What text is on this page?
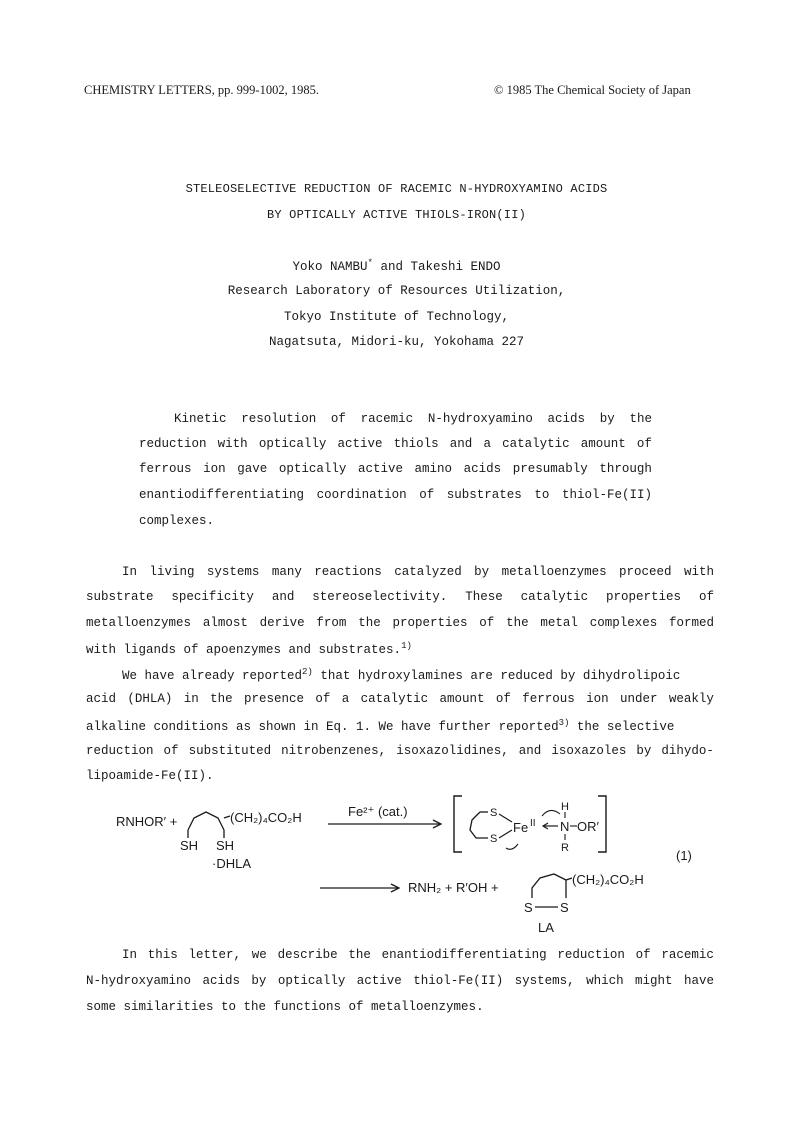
CHEMISTRY LETTERS, pp. 999-1002, 1985.	© 1985 The Chemical Society of Japan
STELEOSELECTIVE REDUCTION OF RACEMIC N-HYDROXYAMINO ACIDS
BY OPTICALLY ACTIVE THIOLS-IRON(II)
Yoko NAMBU* and Takeshi ENDO
Research Laboratory of Resources Utilization,
Tokyo Institute of Technology,
Nagatsuta, Midori-ku, Yokohama 227
Kinetic resolution of racemic N-hydroxyamino acids by the
reduction with optically active thiols and a catalytic amount of
ferrous ion gave optically active amino acids presumably through
enantiodifferentiating coordination of substrates to thiol-Fe(II)
complexes.
In living systems many reactions catalyzed by metalloenzymes proceed with
substrate specificity and stereoselectivity. These catalytic properties of
metalloenzymes almost derive from the properties of the metal complexes formed
with ligands of apoenzymes and substrates.$^{1)}$
We have already reported$^{2)}$ that hydroxylamines are reduced by dihydrolipoic
acid (DHLA) in the presence of a catalytic amount of ferrous ion under weakly
alkaline conditions as shown in Eq. 1. We have further reported$^{3)}$ the selective
reduction of substituted nitrobenzenes, isoxazolidines, and isoxazoles by dihydo-
lipoamide-Fe(II).
RNHOR′ +	(CH₂)₄CO₂H
SH SH
·DHLA
Fe²⁺ (cat.)	S
S
Fe II
H
N OR′
R	(1)
RNH₂ + R′OH +
(CH₂)₄CO₂H
S S
LA
In this letter, we describe the enantiodifferentiating reduction of racemic
N-hydroxyamino acids by optically active thiol-Fe(II) systems, which might have
some similarities to the functions of metalloenzymes.
